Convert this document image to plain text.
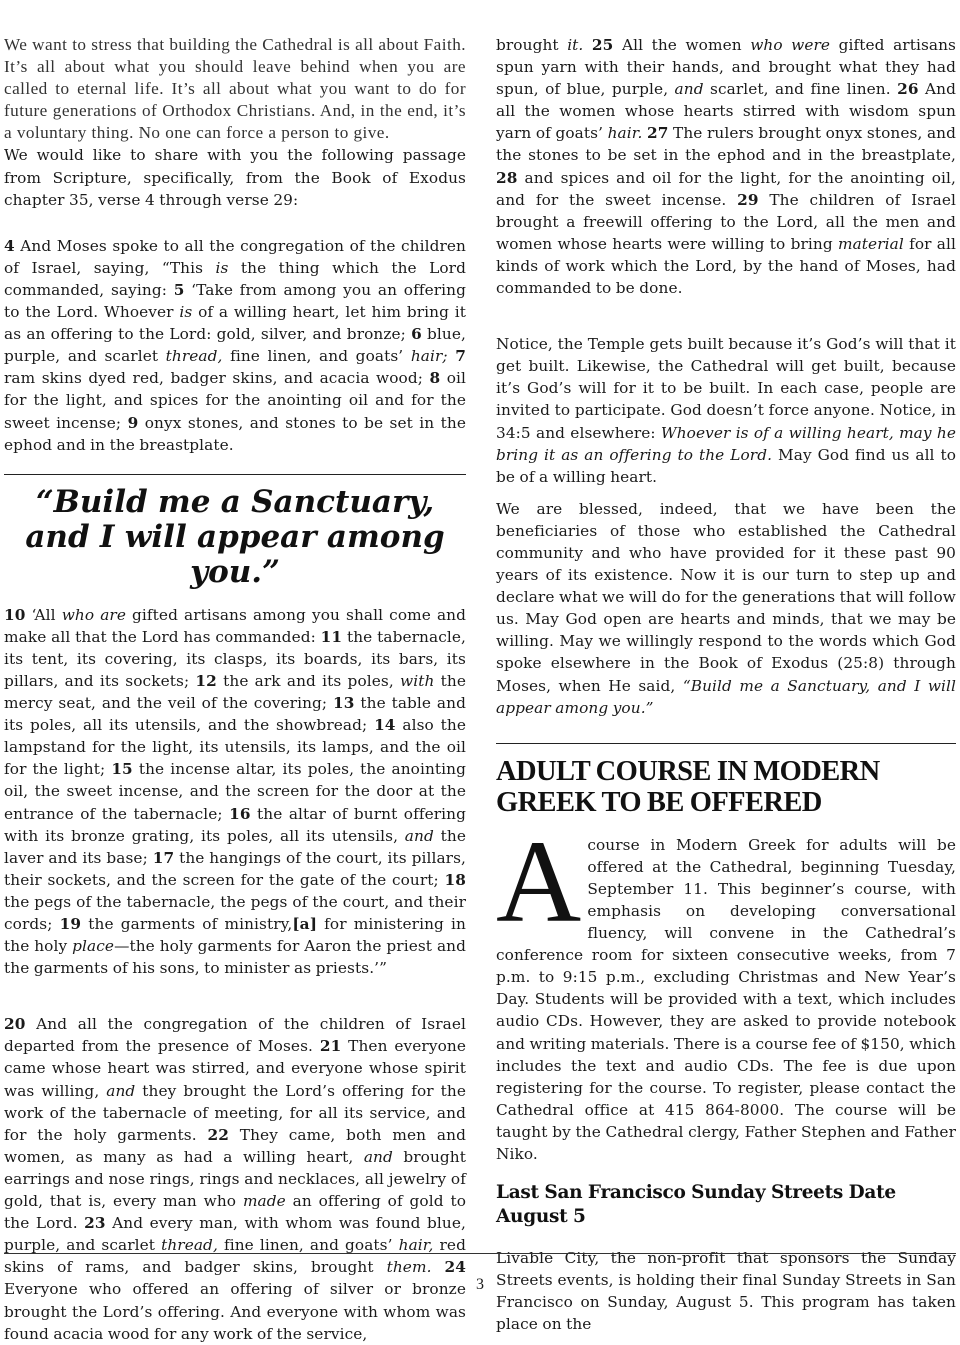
We want to stress that building the Cathedral is all about Faith. It’s all about what you should leave behind when you are called to eternal life. It’s all about what you want to do for future generations of Orthodox Christians. And, in the end, it’s a voluntary thing. No one can force a person to give.

We would like to share with you the following passage from Scripture, specifically, from the Book of Exodus chapter 35, verse 4 through verse 29:

4 And Moses spoke to all the congregation of the children of Israel, saying, “This is the thing which the Lord commanded, saying: 5 ‘Take from among you an offering to the Lord. Whoever is of a willing heart, let him bring it as an offering to the Lord: gold, silver, and bronze; 6 blue, purple, and scarlet thread, fine linen, and goats’ hair; 7 ram skins dyed red, badger skins, and acacia wood; 8 oil for the light, and spices for the anointing oil and for the sweet incense; 9 onyx stones, and stones to be set in the ephod and in the breastplate.

“Build me a Sanctuary, and I will appear among you.”

10 ‘All who are gifted artisans among you shall come and make all that the Lord has commanded: 11 the tabernacle, its tent, its covering, its clasps, its boards, its bars, its pillars, and its sockets; 12 the ark and its poles, with the mercy seat, and the veil of the covering; 13 the table and its poles, all its utensils, and the showbread; 14 also the lampstand for the light, its utensils, its lamps, and the oil for the light; 15 the incense altar, its poles, the anointing oil, the sweet incense, and the screen for the door at the entrance of the tabernacle; 16 the altar of burnt offering with its bronze grating, its poles, all its utensils, and the laver and its base; 17 the hangings of the court, its pillars, their sockets, and the screen for the gate of the court; 18 the pegs of the tabernacle, the pegs of the court, and their cords; 19 the garments of ministry,[a] for ministering in the holy place—the holy garments for Aaron the priest and the garments of his sons, to minister as priests.’”

20 And all the congregation of the children of Israel departed from the presence of Moses. 21 Then everyone came whose heart was stirred, and everyone whose spirit was willing, and they brought the Lord’s offering for the work of the tabernacle of meeting, for all its service, and for the holy garments. 22 They came, both men and women, as many as had a willing heart, and brought earrings and nose rings, rings and necklaces, all jewelry of gold, that is, every man who made an offering of gold to the Lord. 23 And every man, with whom was found blue, purple, and scarlet thread, fine linen, and goats’ hair, red skins of rams, and badger skins, brought them. 24 Everyone who offered an offering of silver or bronze brought the Lord’s offering. And everyone with whom was found acacia wood for any work of the service,

brought it. 25 All the women who were gifted artisans spun yarn with their hands, and brought what they had spun, of blue, purple, and scarlet, and fine linen. 26 And all the women whose hearts stirred with wisdom spun yarn of goats’ hair. 27 The rulers brought onyx stones, and the stones to be set in the ephod and in the breastplate, 28 and spices and oil for the light, for the anointing oil, and for the sweet incense. 29 The children of Israel brought a freewill offering to the Lord, all the men and women whose hearts were willing to bring material for all kinds of work which the Lord, by the hand of Moses, had commanded to be done.

Notice, the Temple gets built because it’s God’s will that it get built. Likewise, the Cathedral will get built, because it’s God’s will for it to be built. In each case, people are invited to participate. God doesn’t force anyone. Notice, in 34:5 and elsewhere: Whoever is of a willing heart, may he bring it as an offering to the Lord. May God find us all to be of a willing heart.

We are blessed, indeed, that we have been the beneficiaries of those who established the Cathedral community and who have provided for it these past 90 years of its existence. Now it is our turn to step up and declare what we will do for the generations that will follow us. May God open are hearts and minds, that we may be willing. May we willingly respond to the words which God spoke elsewhere in the Book of Exodus (25:8) through Moses, when He said, “Build me a Sanctuary, and I will appear among you.”

ADULT COURSE IN MODERN GREEK TO BE OFFERED

Acourse in Modern Greek for adults will be offered at the Cathedral, beginning Tuesday, September 11. This beginner’s course, with emphasis on developing conversational fluency, will convene in the Cathedral’s conference room for sixteen consecutive weeks, from 7 p.m. to 9:15 p.m., excluding Christmas and New Year’s Day. Students will be provided with a text, which includes audio CDs. However, they are asked to provide notebook and writing materials. There is a course fee of $150, which includes the text and audio CDs. The fee is due upon registering for the course. To register, please contact the Cathedral office at 415 864-8000. The course will be taught by the Cathedral clergy, Father Stephen and Father Niko.

Last San Francisco Sunday Streets Date August 5

Livable City, the non-profit that sponsors the Sunday Streets events, is holding their final Sunday Streets in San Francisco on Sunday, August 5. This program has taken place on the

3
